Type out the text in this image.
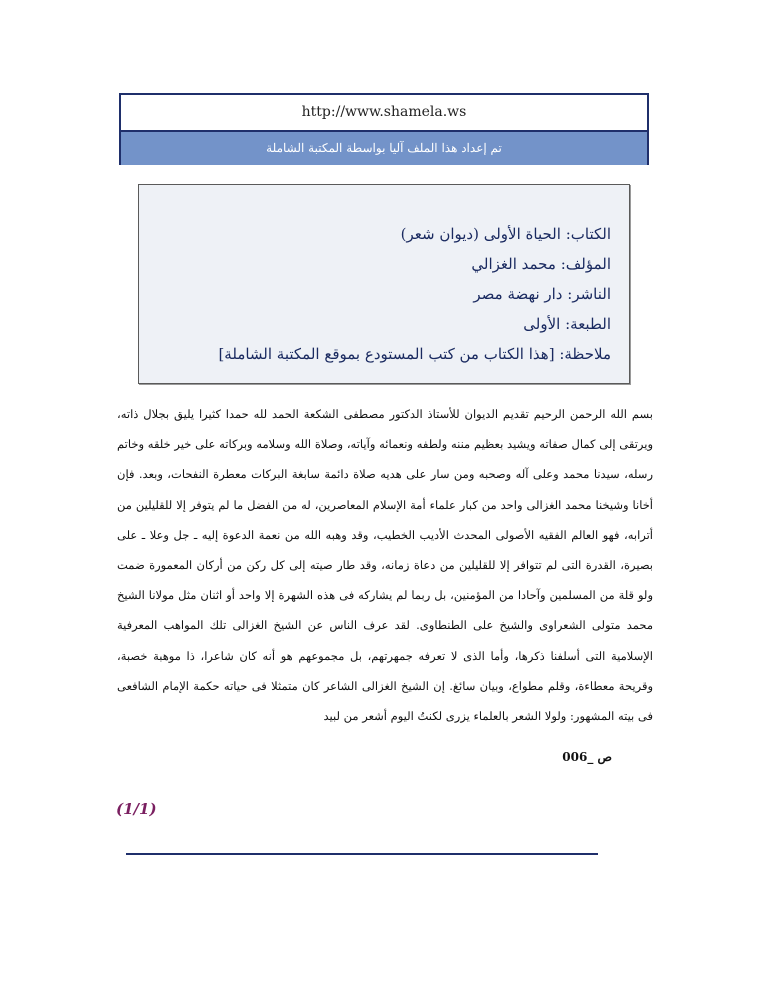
http://www.shamela.ws
تم إعداد هذا الملف آليا بواسطة المكتبة الشاملة
الكتاب: الحياة الأولى (ديوان شعر)
المؤلف: محمد الغزالي
الناشر: دار نهضة مصر
الطبعة: الأولى
ملاحظة: [هذا الكتاب من كتب المستودع بموقع المكتبة الشاملة]
بسم الله الرحمن الرحيم تقديم الديوان للأستاذ الدكتور مصطفى الشكعة الحمد لله حمدا كثيرا يليق بجلال ذاته، ويرتقى إلى كمال صفاته ويشيد بعظيم مننه ولطفه ونعمائه وآياته، وصلاة الله وسلامه وبركاته على خير خلقه وخاتم رسله، سيدنا محمد وعلى آله وصحبه ومن سار على هديه صلاة دائمة سابغة البركات معطرة النفحات، وبعد. فإن أخانا وشيخنا محمد الغزالى واحد من كبار علماء أمة الإسلام المعاصرين، له من الفضل ما لم يتوفر إلا للقليلين من أترابه، فهو العالم الفقيه الأصولى المحدث الأديب الخطيب، وقد وهبه الله من نعمة الدعوة إليه ـ جل وعلا ـ على بصيرة، القدرة التى لم تتوافر إلا للقليلين من دعاة زمانه، وقد طار صيته إلى كل ركن من أركان المعمورة ضمت ولو قلة من المسلمين وآحادا من المؤمنين، بل ربما لم يشاركه فى هذه الشهرة إلا واحد أو اثنان مثل مولانا الشيخ محمد متولى الشعراوى والشيخ على الطنطاوى. لقد عرف الناس عن الشيخ الغزالى تلك المواهب المعرفية الإسلامية التى أسلفنا ذكرها، وأما الذى لا تعرفه جمهرتهم، بل مجموعهم هو أنه كان شاعرا، ذا موهبة خصبة، وقريحة معطاءة، وقلم مطواع، وبيان سائغ. إن الشيخ الغزالى الشاعر كان متمثلا فى حياته حكمة الإمام الشافعى فى بيته المشهور: ولولا الشعر بالعلماء يزرى لكنتُ اليوم أشعر من لبيد
ص _006
(1/1)
